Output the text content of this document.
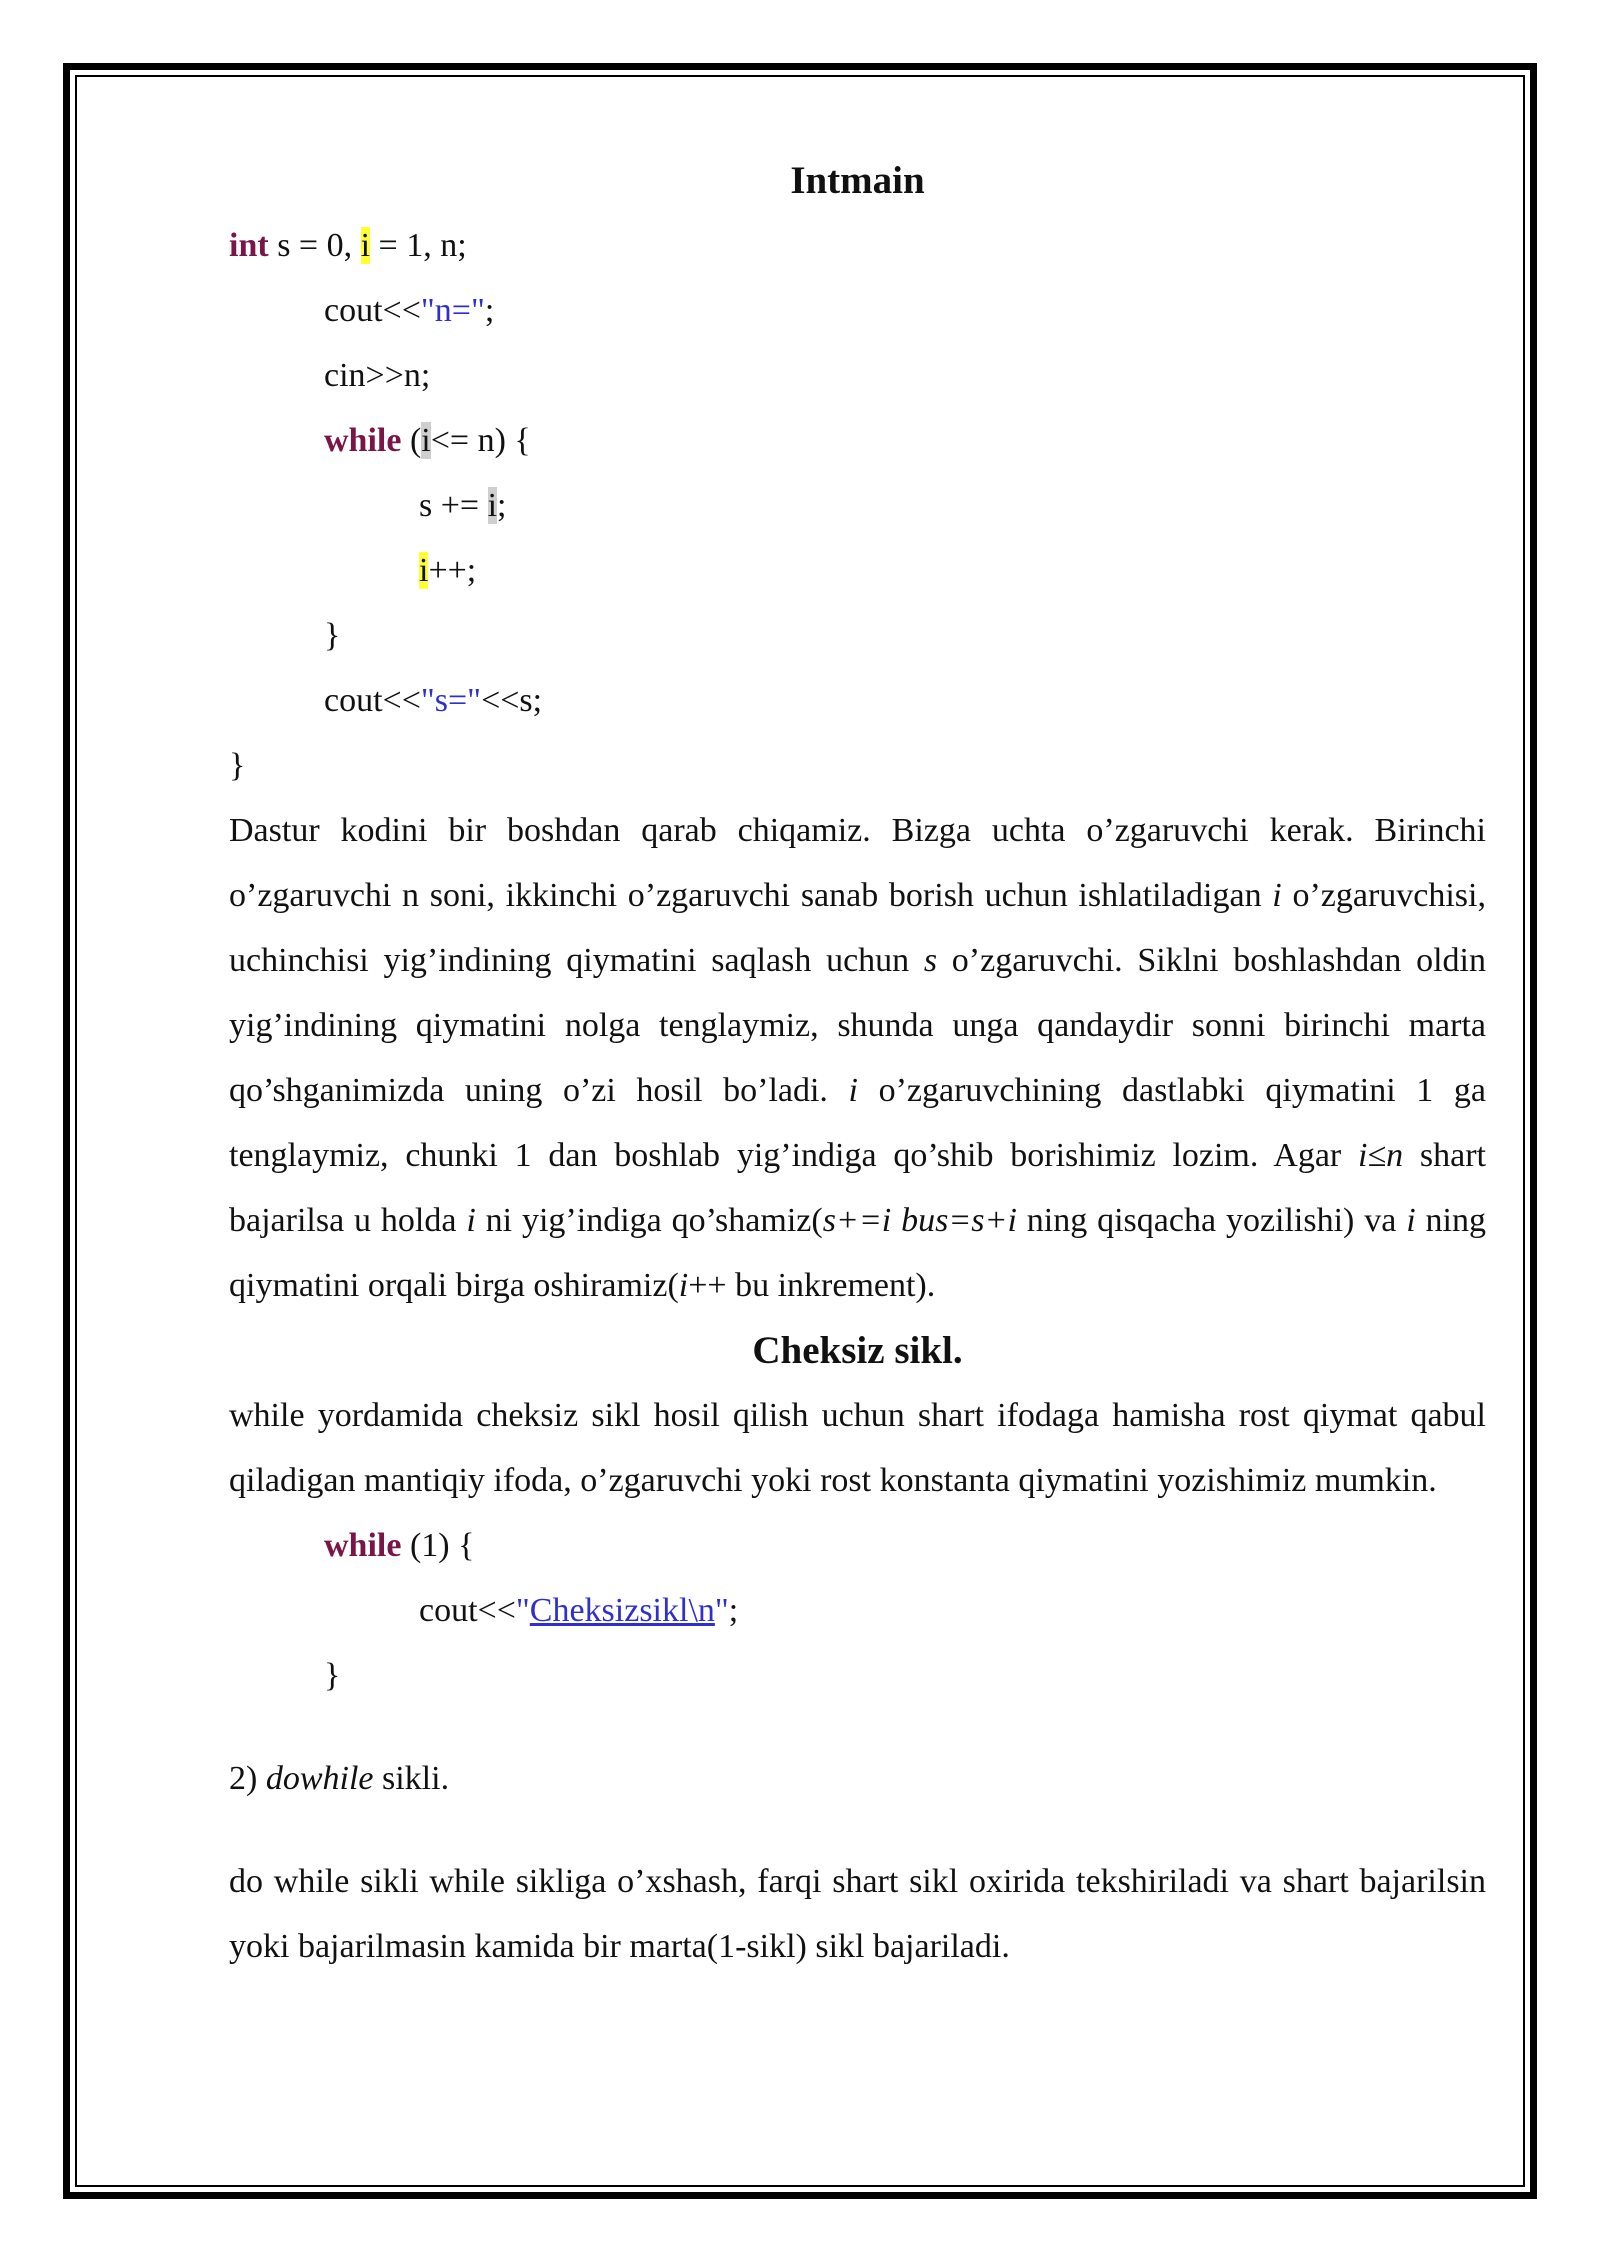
Intmain
int s = 0, i = 1, n;
cout<<"n=";
cin>>n;
while (i<= n) {
s += i;
i++;
}
cout<<"s="<<s;
}

Dastur kodini bir boshdan qarab chiqamiz. Bizga uchta o’zgaruvchi kerak. Birinchi o’zgaruvchi n soni, ikkinchi o’zgaruvchi sanab borish uchun ishlatiladigan i o’zgaruvchisi, uchinchisi yig’indining qiymatini saqlash uchun s o’zgaruvchi. Siklni boshlashdan oldin yig’indining qiymatini nolga tenglaymiz, shunda unga qandaydir sonni birinchi marta qo’shganimizda uning o’zi hosil bo’ladi. i o’zgaruvchining dastlabki qiymatini 1 ga tenglaymiz, chunki 1 dan boshlab yig’indiga qo’shib borishimiz lozim. Agar i≤n shart bajarilsa u holda i ni yig’indiga qo’shamiz(s+=i bus=s+i ning qisqacha yozilishi) va i ning qiymatini orqali birga oshiramiz(i++ bu inkrement).

Cheksiz sikl.

while yordamida cheksiz sikl hosil qilish uchun shart ifodaga hamisha rost qiymat qabul qiladigan mantiqiy ifoda, o’zgaruvchi yoki rost konstanta qiymatini yozishimiz mumkin.

while (1) {
cout<<"Cheksizsikl\n";
}
2) dowhile sikli.

do while sikli while sikliga o’xshash, farqi shart sikl oxirida tekshiriladi va shart bajarilsin yoki bajarilmasin kamida bir marta(1-sikl) sikl bajariladi.
